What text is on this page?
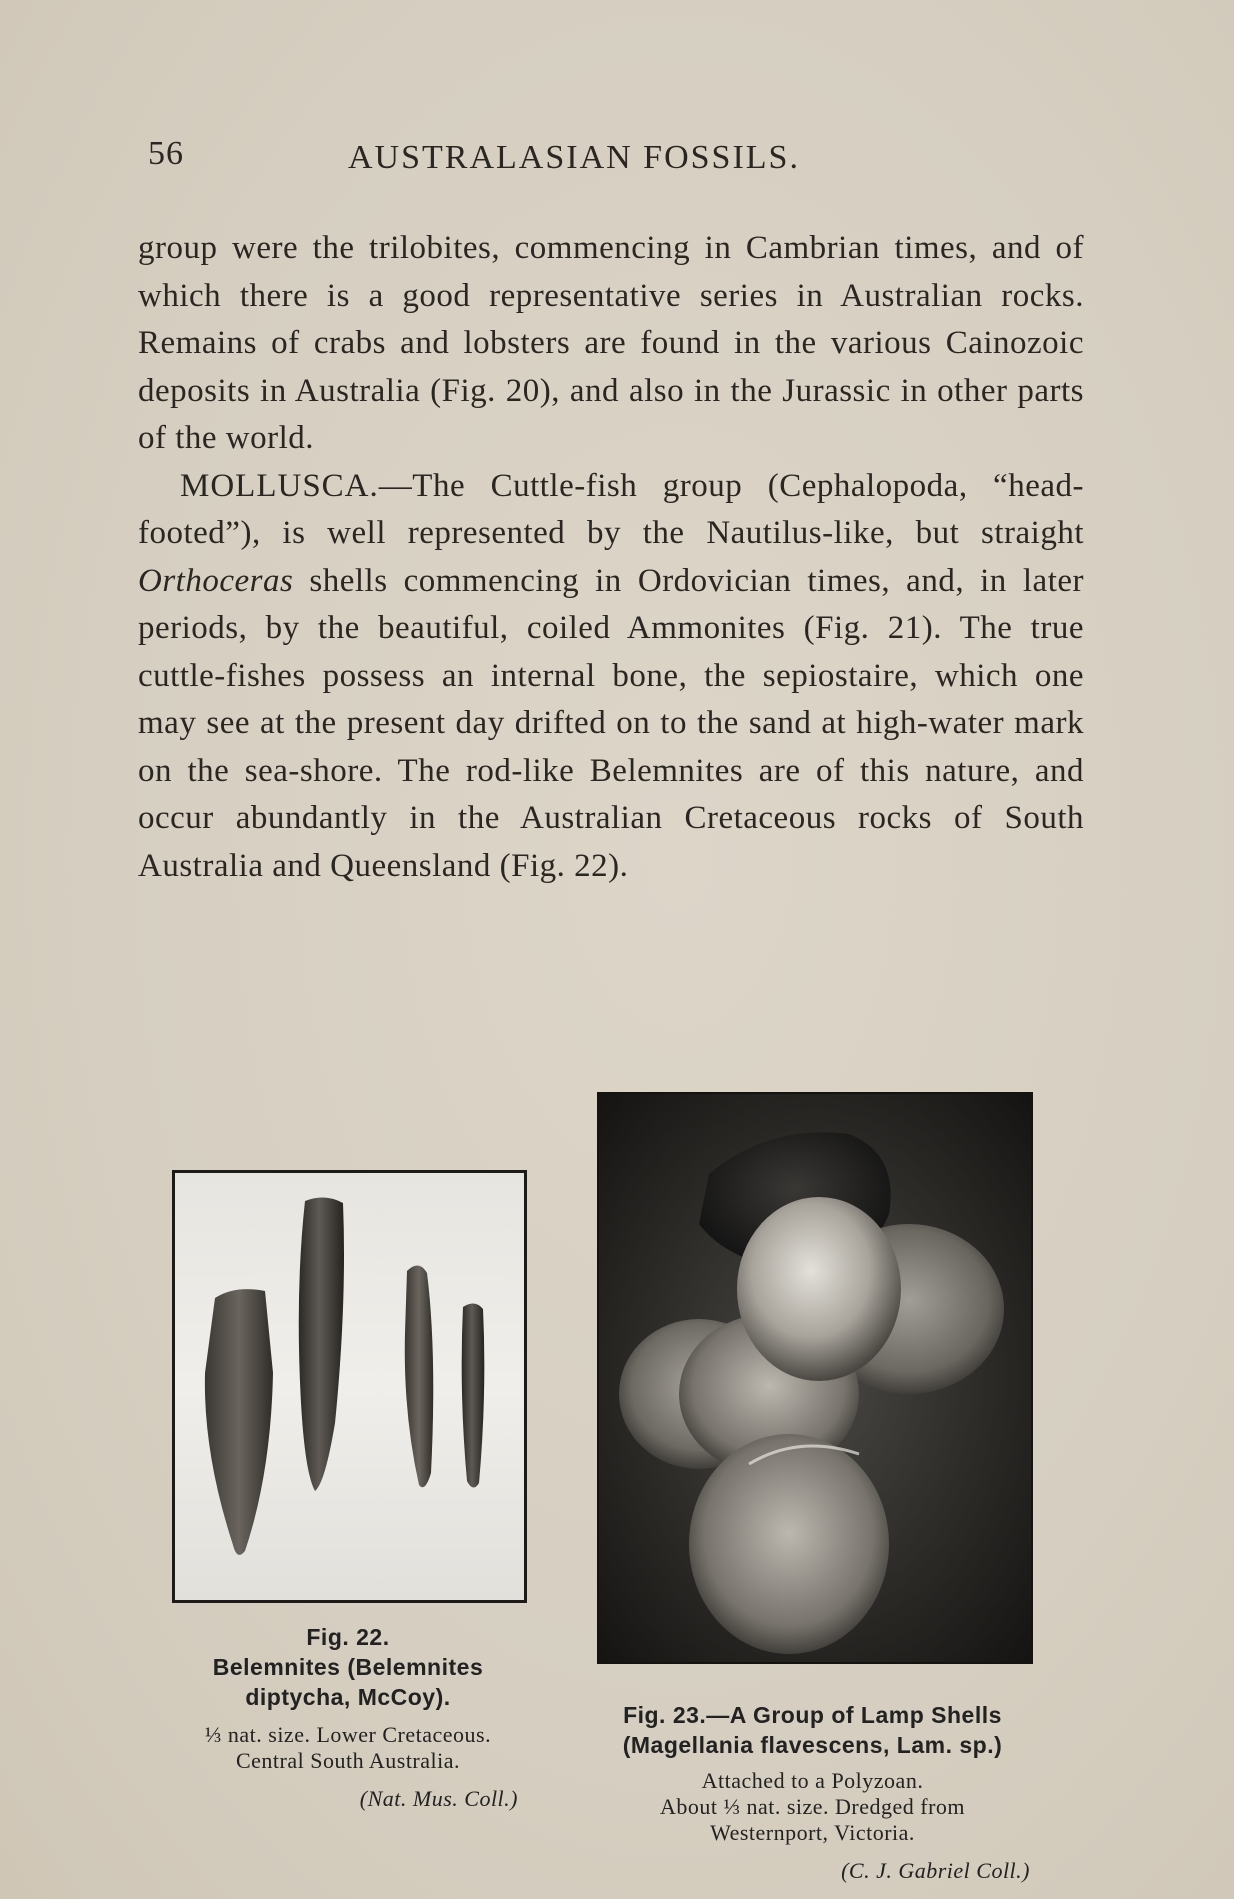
56	AUSTRALASIAN FOSSILS.

group were the trilobites, commencing in Cambrian times, and of which there is a good representative series in Australian rocks. Remains of crabs and lobsters are found in the various Cainozoic deposits in Australia (Fig. 20), and also in the Jurassic in other parts of the world.

MOLLUSCA.—The Cuttle-fish group (Cephalopoda, “head-footed”), is well represented by the Nautilus-like, but straight Orthoceras shells commencing in Ordovician times, and, in later periods, by the beautiful, coiled Ammonites (Fig. 21). The true cuttle-fishes possess an internal bone, the sepiostaire, which one may see at the present day drifted on to the sand at high-water mark on the sea-shore. The rod-like Belemnites are of this nature, and occur abundantly in the Australian Cretaceous rocks of South Australia and Queensland (Fig. 22).

Fig. 22.
Belemnites (Belemnites
diptycha, McCoy).
⅓ nat. size. Lower Cretaceous.
Central South Australia.
(Nat. Mus. Coll.)
Fig. 23.—A Group of Lamp Shells
(Magellania flavescens, Lam. sp.)
Attached to a Polyzoan.
About ⅓ nat. size. Dredged from
Westernport, Victoria.
(C. J. Gabriel Coll.)
